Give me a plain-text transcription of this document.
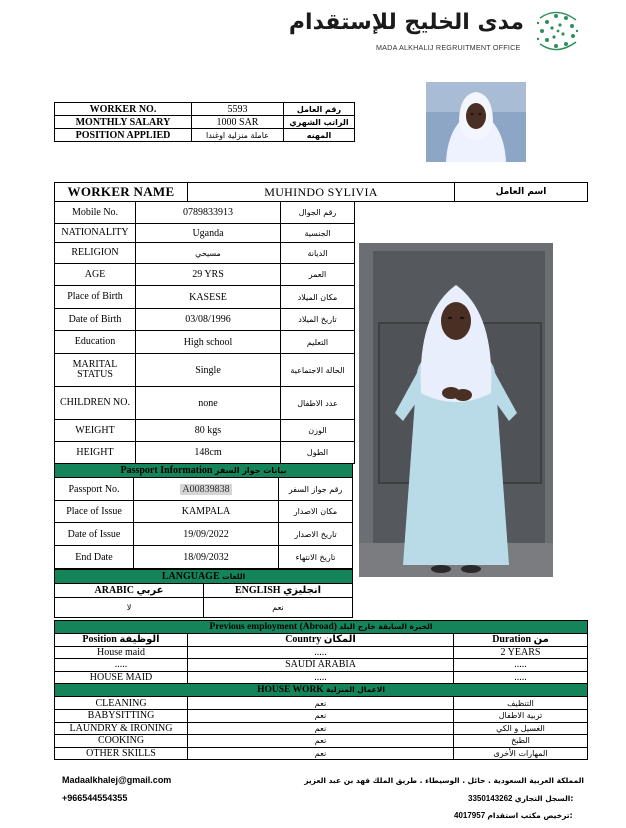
مدى الخليج للإستقدام
MADA ALKHALIJ REGRUITMENT OFFICE
WORKER NO.	5593	رقم العامل
MONTHLY SALARY	1000 SAR	الراتب الشهري
POSITION APPLIED	عاملة منزلية اوغندا	المهنه
WORKER NAME	MUHINDO SYLIVIA	اسم العامل
Mobile No.	0789833913	رقم الجوال
NATIONALITY	Uganda	الجنسية
RELIGION	مسيحي	الديانة
AGE	29 YRS	العمر
Place of Birth	KASESE	مكان الميلاد
Date of Birth	03/08/1996	تاريخ الميلاد
Education	High school	التعليم
MARITAL STATUS	Single	الحالة الاجتماعية
CHILDREN NO.	none	عدد الاطفال
WEIGHT	80 kgs	الوزن
HEIGHT	148cm	الطول
Passport Information بيانات جواز السفر		
Passport No.	A00839838	رقم جواز السفر
Place of Issue	KAMPALA	مكان الاصدار
Date of Issue	19/09/2022	تاريخ الاصدار
End Date	18/09/2032	تاريخ الانتهاء
LANGUAGE اللغات	
ARABIC عربي	ENGLISH انجليزي
لا	نعم
Previous employment (Abroad) الخبرة السابقة خارج البلد		
Position الوظيفة	Country المكان	Duration من
House maid	.....	2 YEARS
.....	SAUDI ARABIA	.....
HOUSE MAID	.....	.....
HOUSE WORK الاعمال المنزلية		
CLEANING	نعم	التنظيف
BABYSITTING	نعم	تربية الاطفال
LAUNDRY & IRONING	نعم	الغسيل و الكي
COOKING	نعم	الطبخ
OTHER SKILLS	نعم	المهارات الأخرى
Madaalkhalej@gmail.com
+966544554355
المملكة العربية السعودية . حائل . الوسيطاء . طريق الملك فهد بن عبد العزيز
3350143262 السجل التجاري:
4017957 ترخيص مكتب استقدام:
